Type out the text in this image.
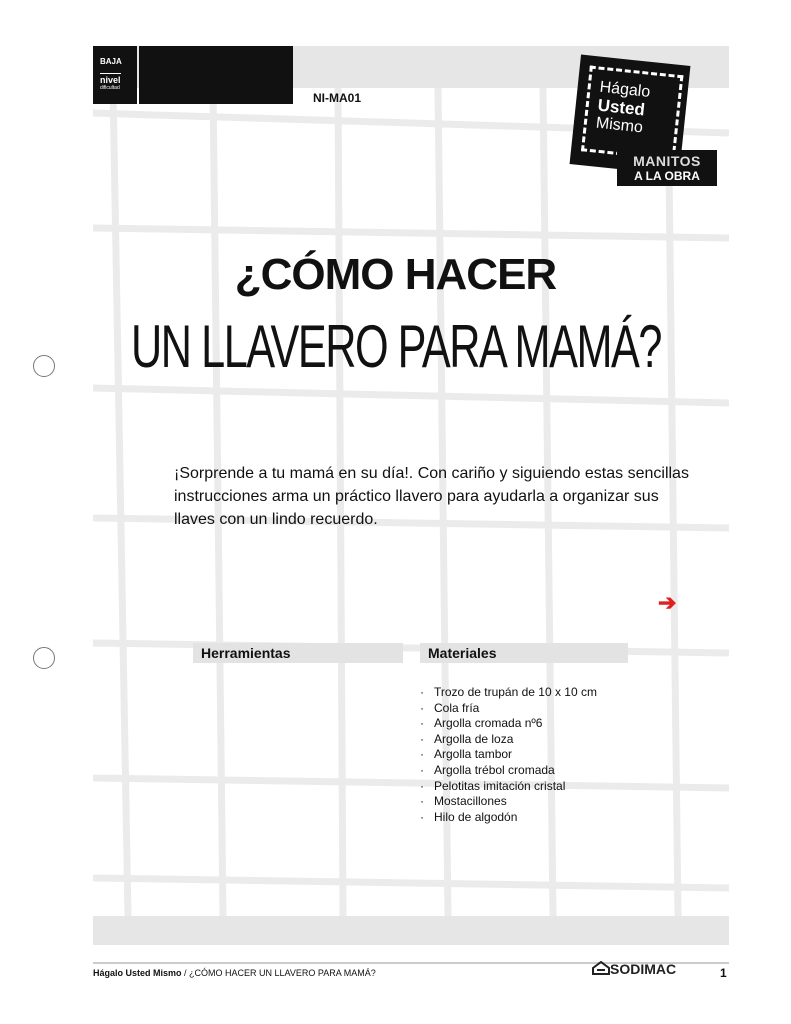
BAJA
nivel
dificultad
NI-MA01	Hágalo
Usted
Mismo
MANITOS
A LA OBRA
¿CÓMO HACER
UN LLAVERO PARA MAMÁ?
¡Sorprende a tu mamá en su día!. Con cariño y siguiendo estas sencillas instrucciones arma un práctico llavero para ayudarla a organizar sus llaves con un lindo recuerdo.
➔
Herramientas	Materiales
· Trozo de trupán de 10 x 10 cm
· Cola fría
· Argolla cromada nº6
· Argolla de loza
· Argolla tambor
· Argolla trébol cromada
· Pelotitas imitación cristal
· Mostacillones
· Hilo de algodón
Hágalo Usted Mismo / ¿CÓMO HACER UN LLAVERO PARA MAMÁ?	SODIMAC	1
